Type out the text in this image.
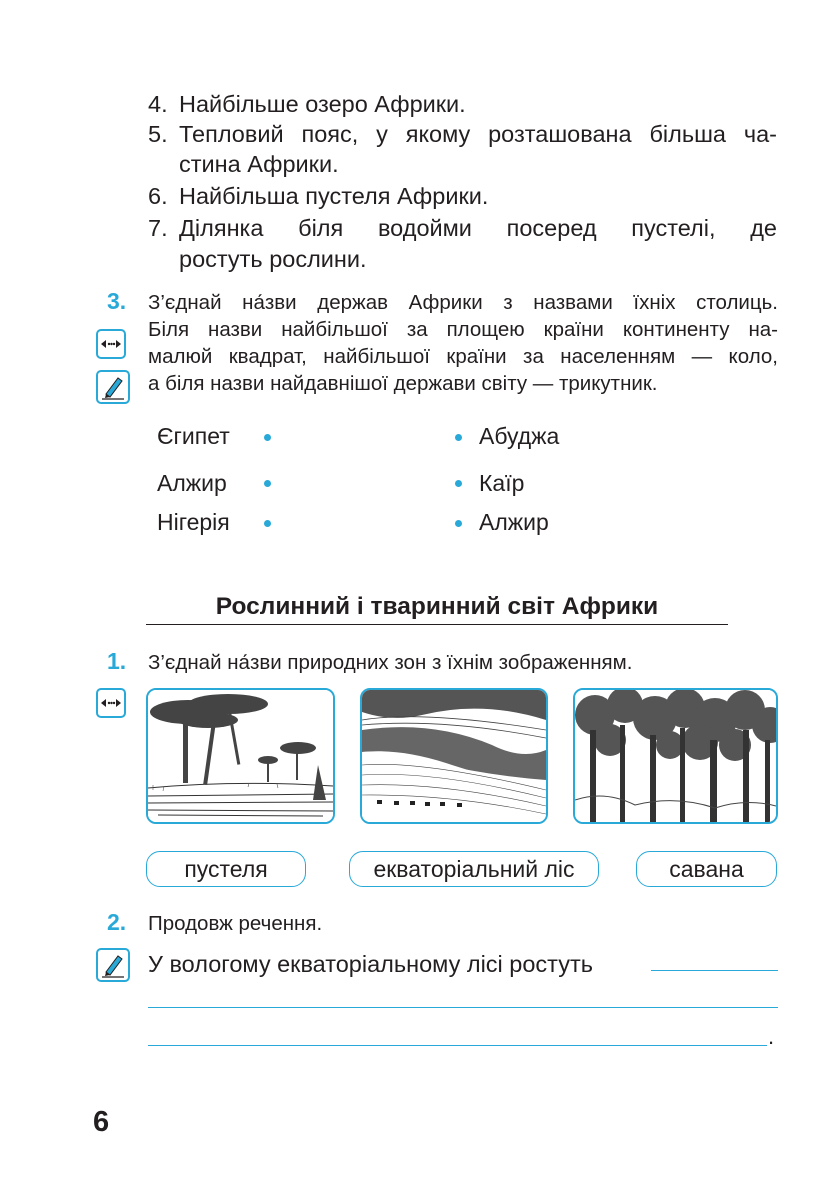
4. Найбільше озеро Африки.
5. Тепловий пояс, у якому розташована більша ча-
стина Африки.
6. Найбільша пустеля Африки.
7. Ділянка біля водойми посеред пустелі, де
ростуть рослини.
3. З’єднай на́зви держав Африки з назвами їхніх столиць.
Біля назви найбільшої за площею країни континенту на-
малюй квадрат, найбільшої країни за населенням — коло,
а біля назви найдавнішої держави світу — трикутник.
Єгипет
Алжир
Нігерія
Абуджа
Каїр
Алжир
Рослинний і тваринний світ Африки
1. З’єднай на́зви природних зон з їхнім зображенням.
пустеля	екваторіальний ліс	савана
2. Продовж речення.
У вологому екваторіальному лісі ростуть
.
6
